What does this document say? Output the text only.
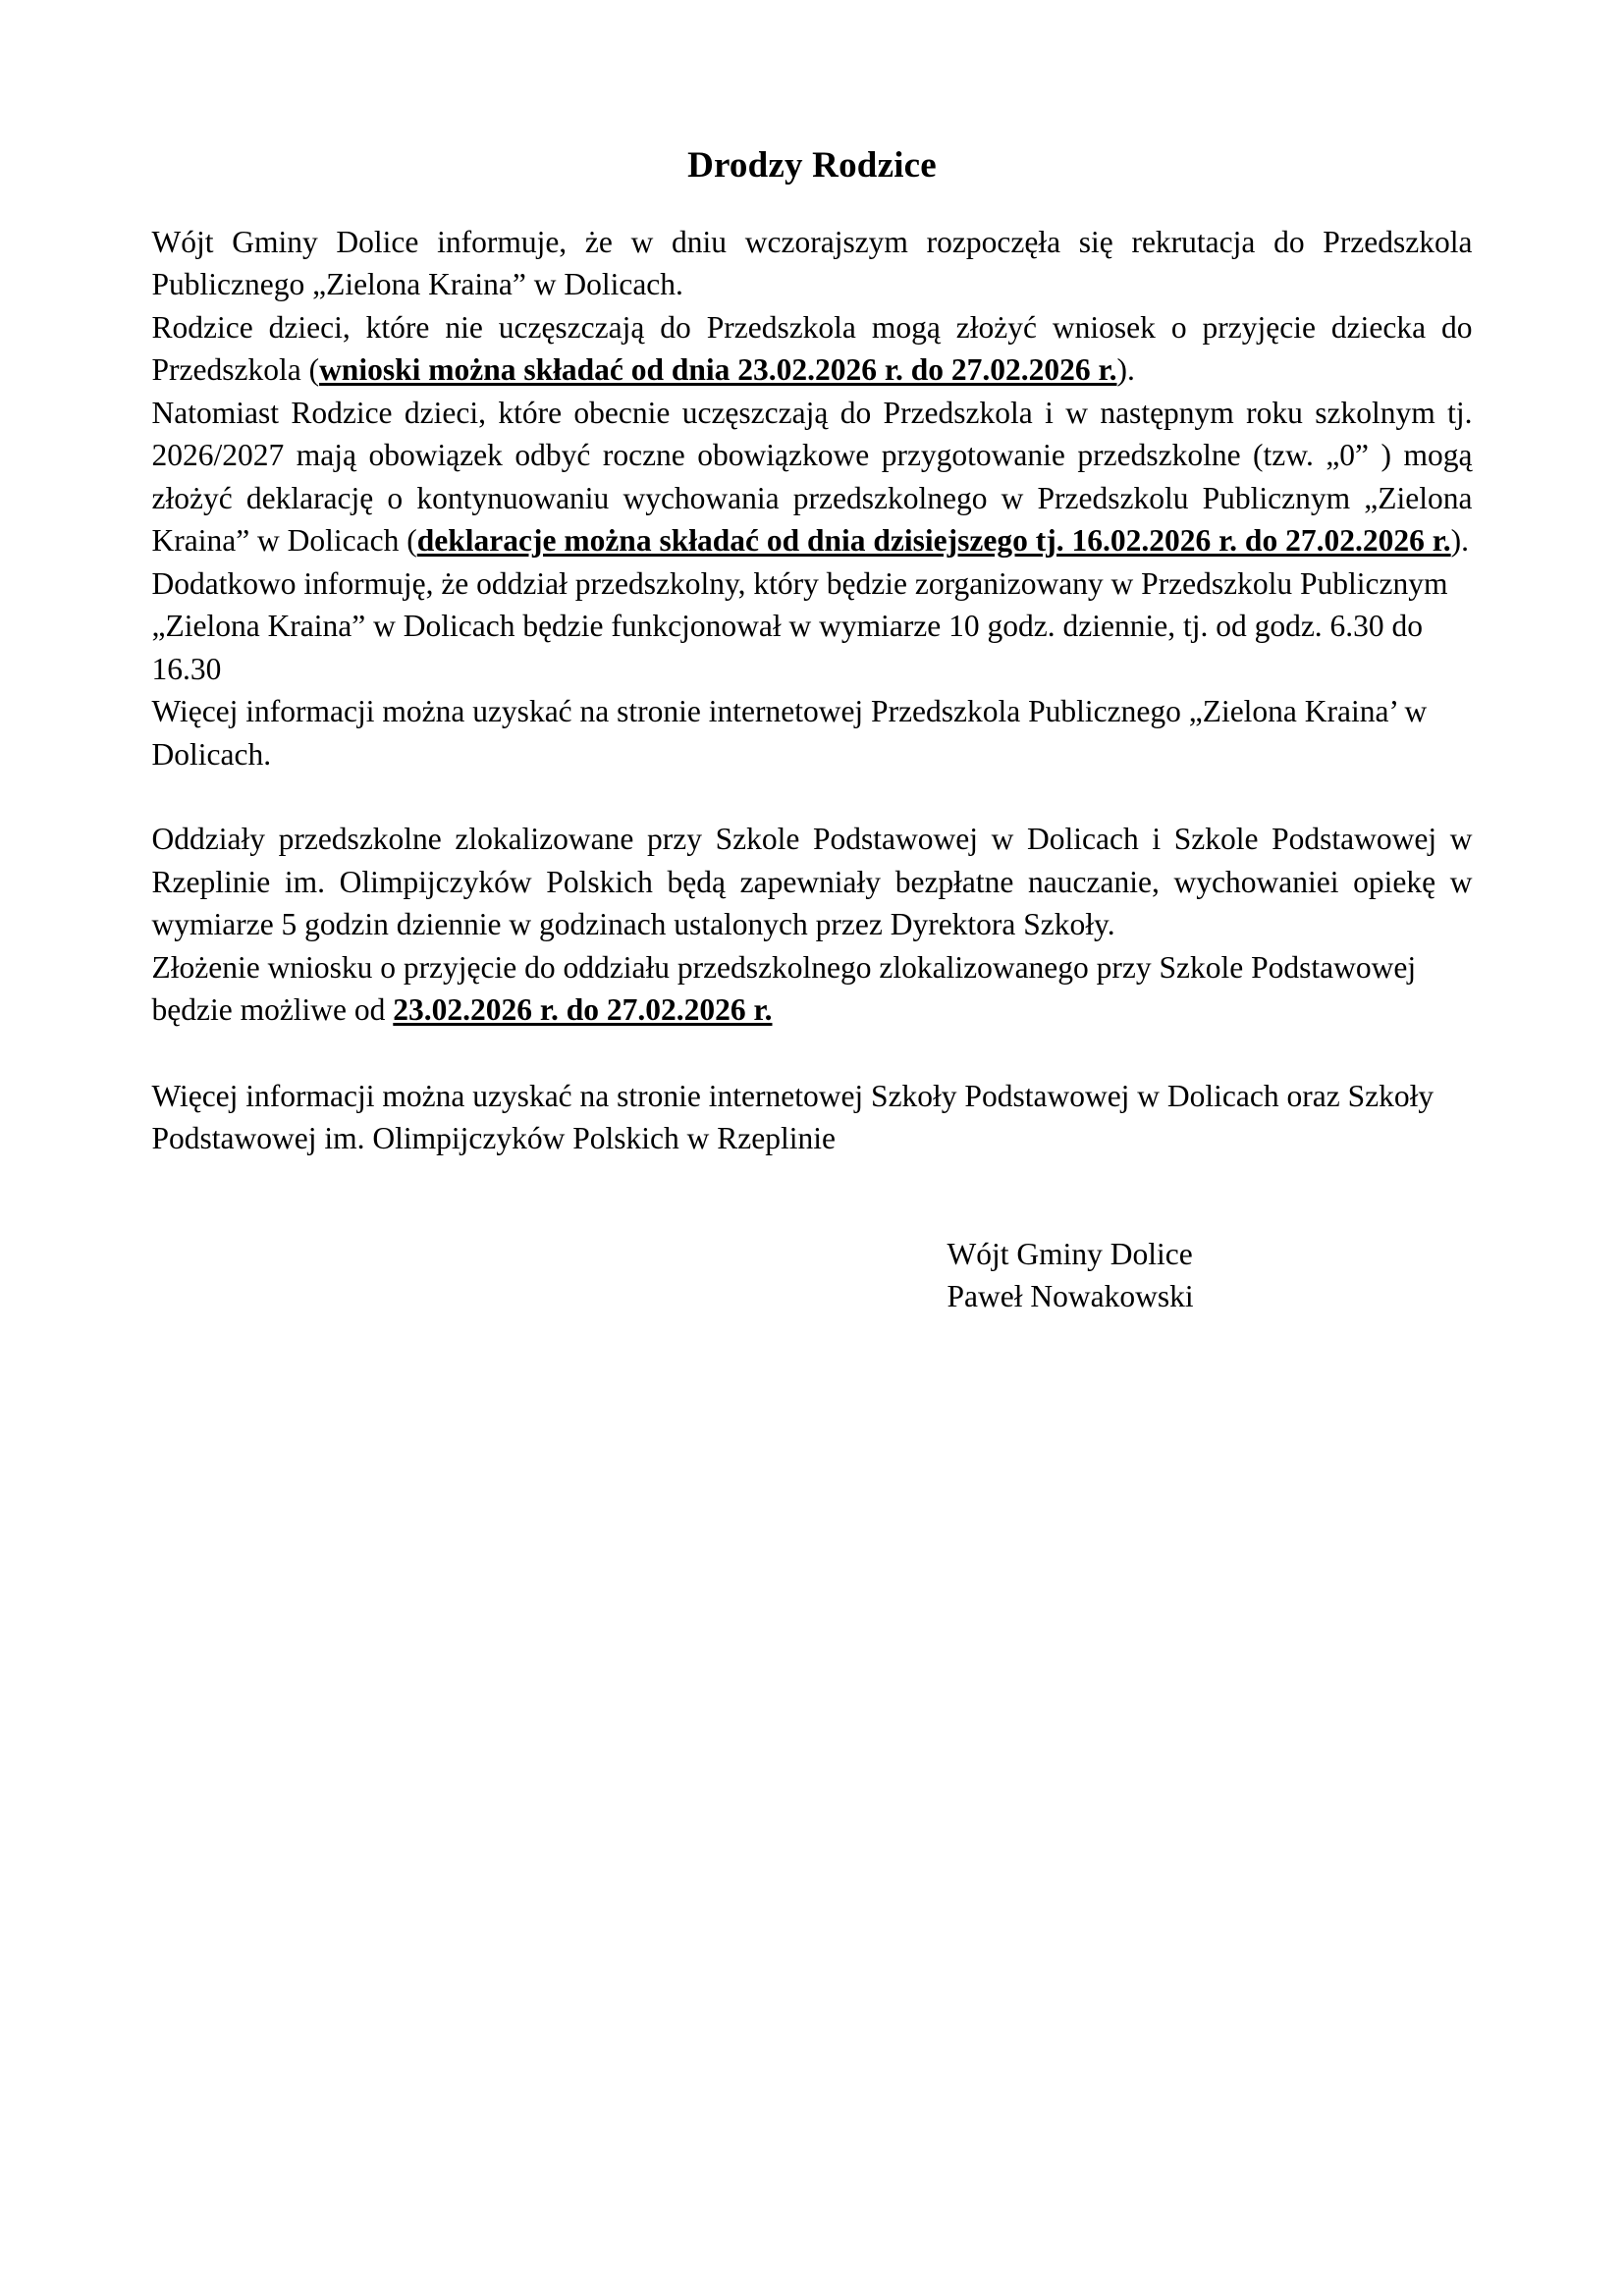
Drodzy Rodzice

Wójt Gminy Dolice informuje, że w dniu wczorajszym rozpoczęła się rekrutacja do Przedszkola Publicznego „Zielona Kraina” w Dolicach.

Rodzice dzieci, które nie uczęszczają do Przedszkola mogą złożyć wniosek o przyjęcie dziecka do Przedszkola (wnioski można składać od dnia 23.02.2026 r. do 27.02.2026 r.).

Natomiast Rodzice dzieci, które obecnie uczęszczają do Przedszkola i w następnym roku szkolnym tj. 2026/2027 mają obowiązek odbyć roczne obowiązkowe przygotowanie przedszkolne (tzw. „0” ) mogą złożyć deklarację o kontynuowaniu wychowania przedszkolnego w Przedszkolu Publicznym „Zielona Kraina” w Dolicach (deklaracje można składać od dnia dzisiejszego tj. 16.02.2026 r. do 27.02.2026 r.).

Dodatkowo informuję, że oddział przedszkolny, który będzie zorganizowany w Przedszkolu Publicznym „Zielona Kraina” w Dolicach będzie funkcjonował w wymiarze 10 godz. dziennie, tj. od godz. 6.30 do 16.30

Więcej informacji można uzyskać na stronie internetowej Przedszkola Publicznego „Zielona Kraina’ w Dolicach.

Oddziały przedszkolne zlokalizowane przy Szkole Podstawowej w Dolicach i Szkole Podstawowej w Rzeplinie im. Olimpijczyków Polskich będą zapewniały bezpłatne nauczanie, wychowaniei opiekę w wymiarze 5 godzin dziennie w godzinach ustalonych przez Dyrektora Szkoły.

Złożenie wniosku o przyjęcie do oddziału przedszkolnego zlokalizowanego przy Szkole Podstawowej będzie możliwe od 23.02.2026 r. do 27.02.2026 r.

Więcej informacji można uzyskać na stronie internetowej Szkoły Podstawowej w Dolicach oraz Szkoły Podstawowej im. Olimpijczyków Polskich w Rzeplinie

Wójt Gminy Dolice
Paweł Nowakowski
